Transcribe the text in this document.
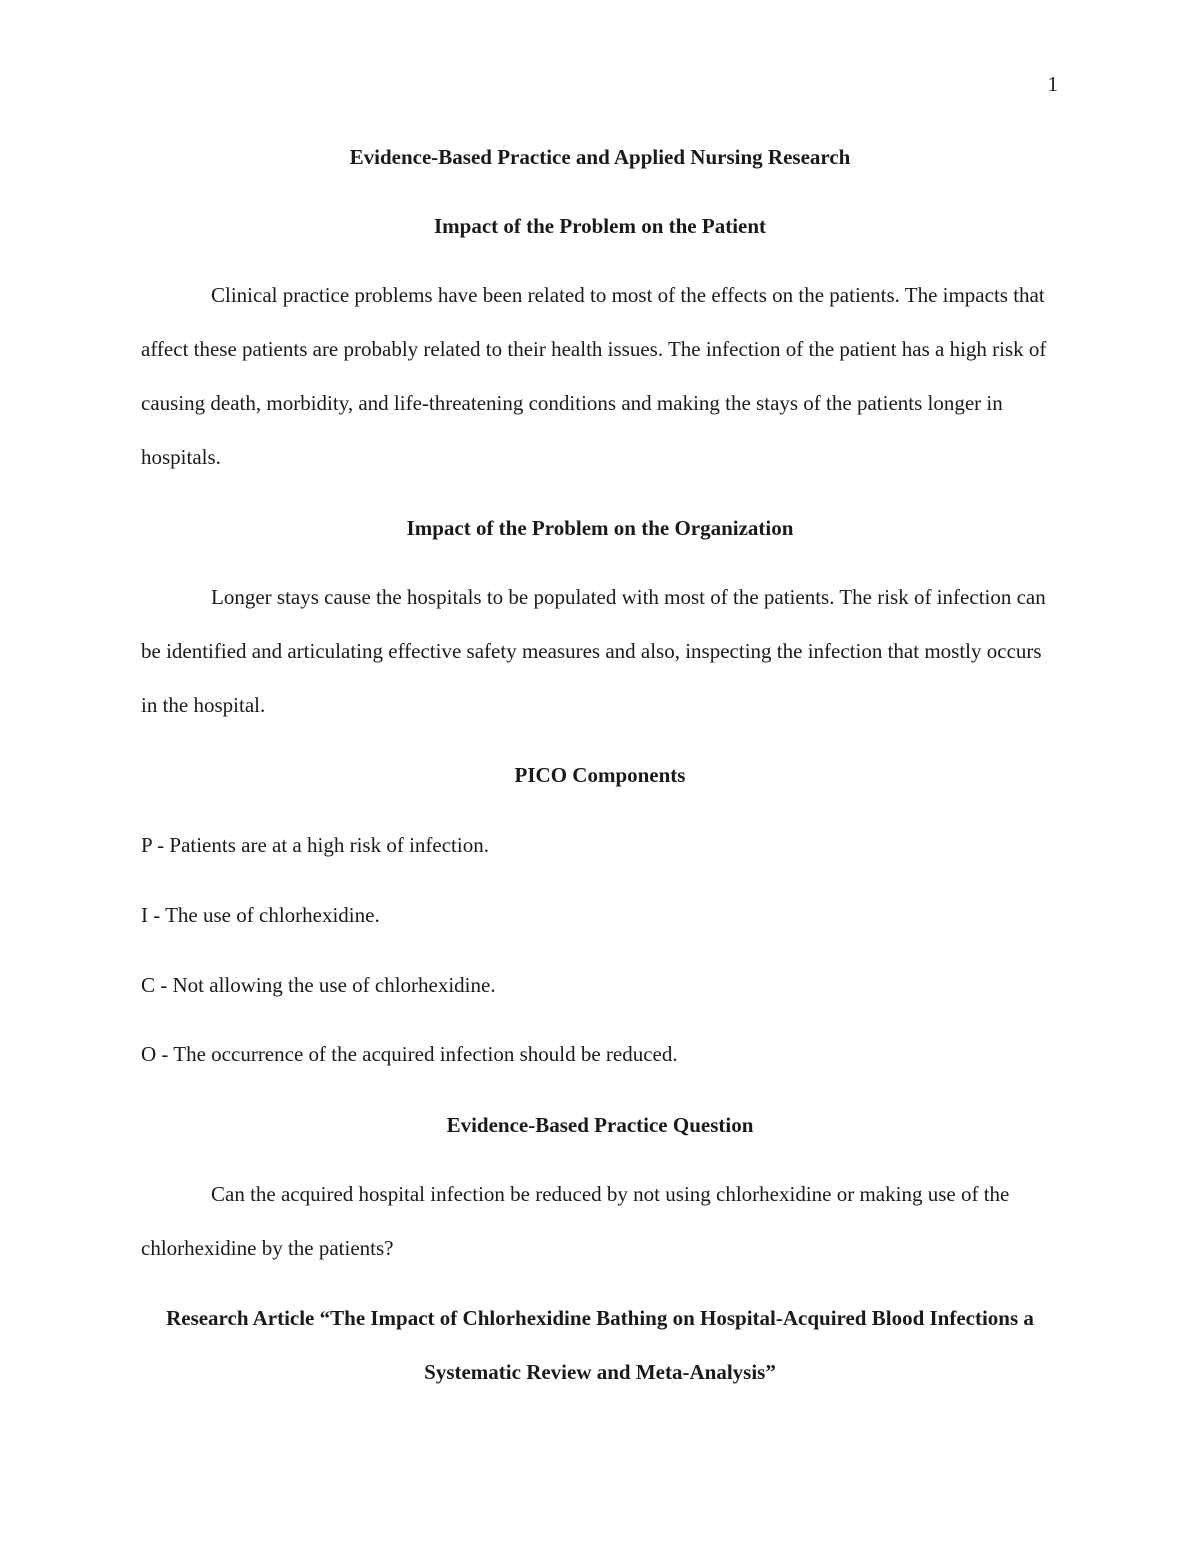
1
Evidence-Based Practice and Applied Nursing Research
Impact of the Problem on the Patient

Clinical practice problems have been related to most of the effects on the patients. The impacts that affect these patients are probably related to their health issues. The infection of the patient has a high risk of causing death, morbidity, and life-threatening conditions and making the stays of the patients longer in hospitals.

Impact of the Problem on the Organization

Longer stays cause the hospitals to be populated with most of the patients. The risk of infection can be identified and articulating effective safety measures and also, inspecting the infection that mostly occurs in the hospital.

PICO Components
P - Patients are at a high risk of infection.
I - The use of chlorhexidine.
C - Not allowing the use of chlorhexidine.
O - The occurrence of the acquired infection should be reduced.
Evidence-Based Practice Question

Can the acquired hospital infection be reduced by not using chlorhexidine or making use of the chlorhexidine by the patients?

Research Article “The Impact of Chlorhexidine Bathing on Hospital-Acquired Blood Infections a Systematic Review and Meta-Analysis”
